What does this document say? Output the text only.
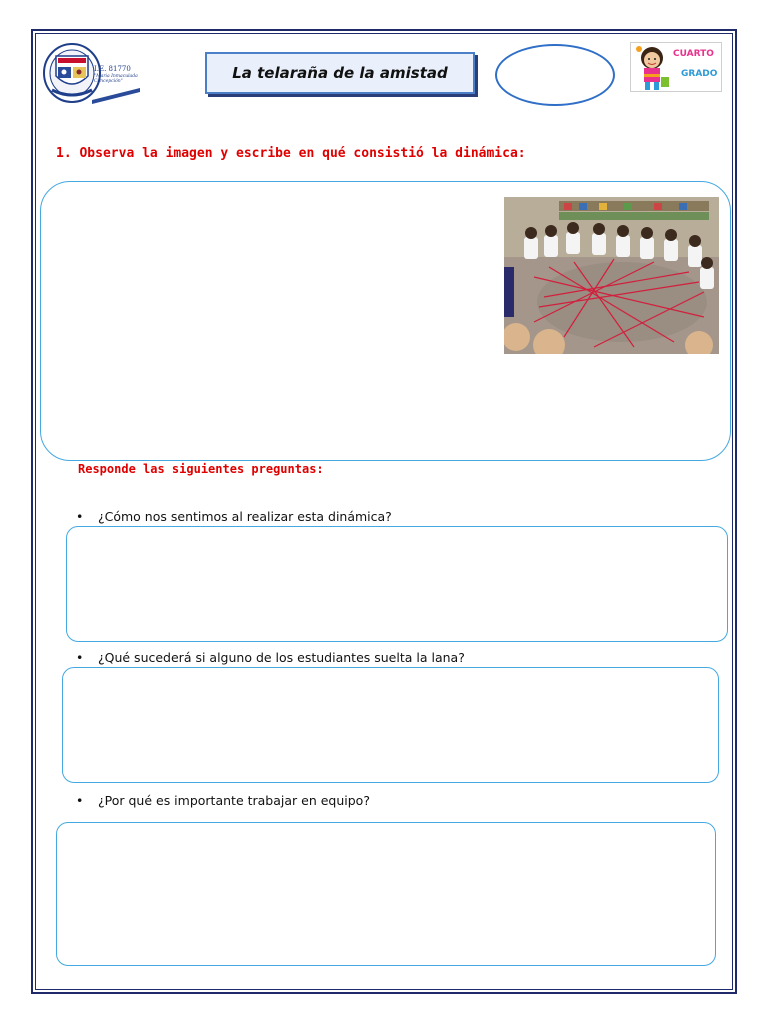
I.E. 81770
"Maria Inmaculada
Concepción"	La telaraña de la amistad
CUARTO
GRADO

1. Observa la imagen y escribe en qué consistió la dinámica:

Responde las siguientes preguntas:

• ¿Cómo nos sentimos al realizar esta dinámica?

• ¿Qué sucederá si alguno de los estudiantes suelta la lana?

• ¿Por qué es importante trabajar en equipo?
